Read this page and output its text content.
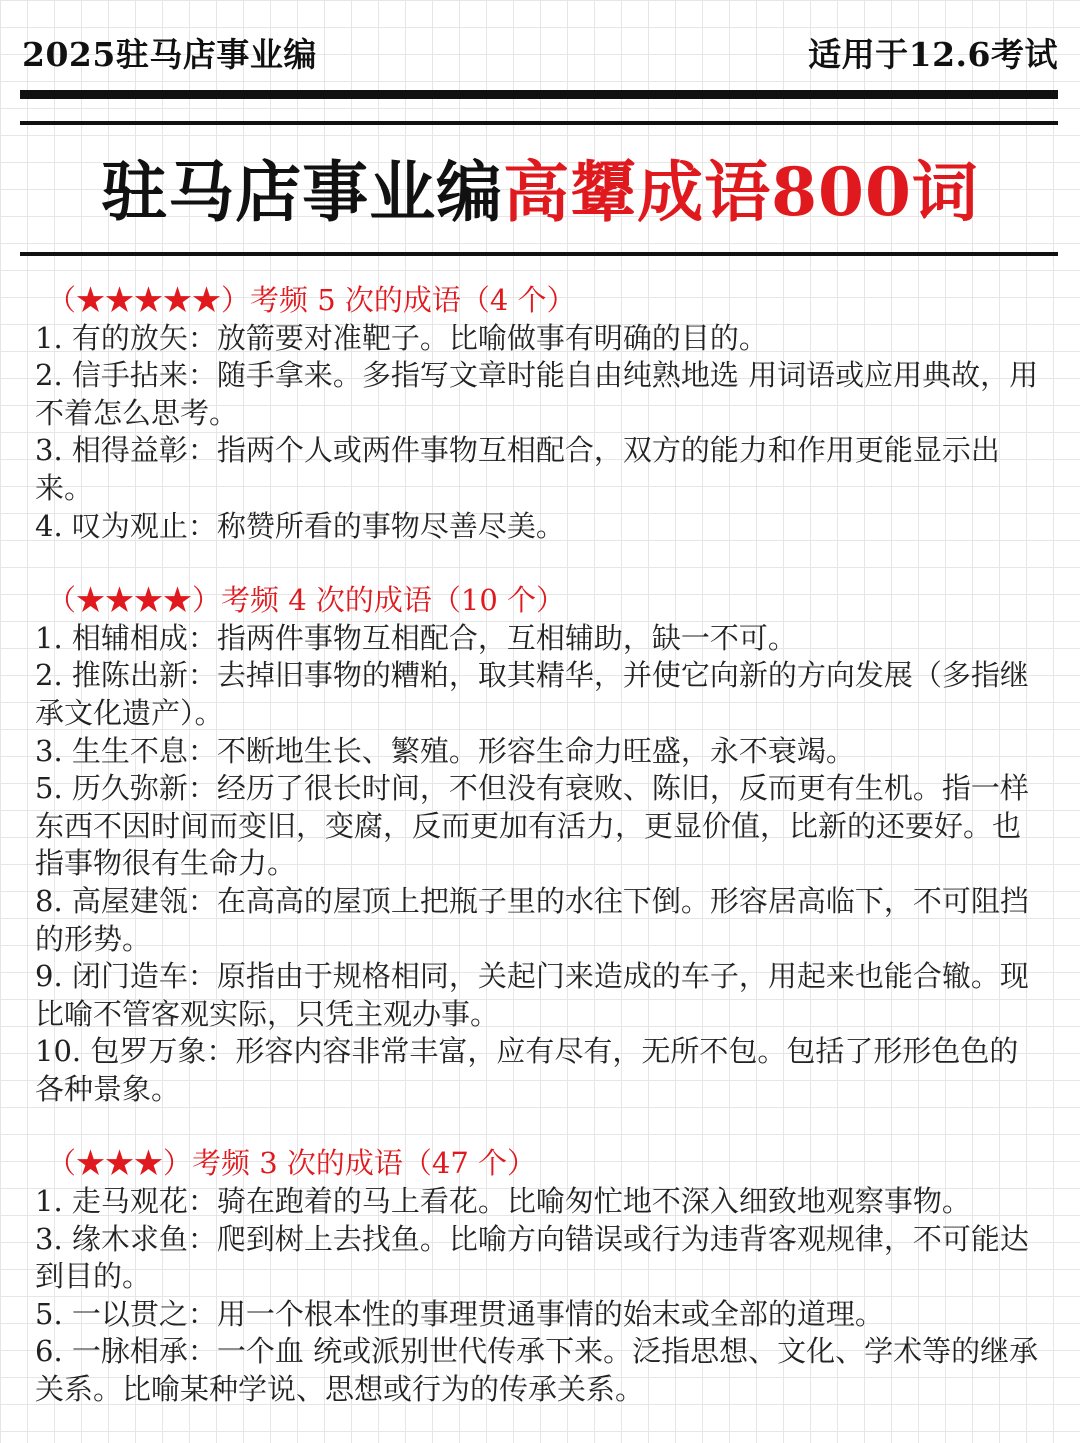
2025驻马店事业编	适用于12.6考试
驻马店事业编高顰成语800词
（★★★★★）考频 5 次的成语（4 个）

1. 有的放矢：放箭要对准靶子。比喻做事有明确的目的。

2. 信手拈来：随手拿来。多指写文章时能自由纯熟地选 用词语或应用典故，用不着怎么思考。

3. 相得益彰：指两个人或两件事物互相配合，双方的能力和作用更能显示出来。

4. 叹为观止：称赞所看的事物尽善尽美。

（★★★★）考频 4 次的成语（10 个）

1. 相辅相成：指两件事物互相配合，互相辅助，缺一不可。

2. 推陈出新：去掉旧事物的糟粕，取其精华，并使它向新的方向发展（多指继承文化遗产）。

3. 生生不息：不断地生长、繁殖。形容生命力旺盛，永不衰竭。

5. 历久弥新：经历了很长时间，不但没有衰败、陈旧，反而更有生机。指一样东西不因时间而变旧，变腐，反而更加有活力，更显价值，比新的还要好。也指事物很有生命力。

8. 高屋建瓴：在高高的屋顶上把瓶子里的水往下倒。形容居高临下，不可阻挡的形势。

9. 闭门造车：原指由于规格相同，关起门来造成的车子，用起来也能合辙。现比喻不管客观实际，只凭主观办事。

10. 包罗万象：形容内容非常丰富，应有尽有，无所不包。包括了形形色色的各种景象。

（★★★）考频 3 次的成语（47 个）

1. 走马观花：骑在跑着的马上看花。比喻匆忙地不深入细致地观察事物。

3. 缘木求鱼：爬到树上去找鱼。比喻方向错误或行为违背客观规律，不可能达到目的。

5. 一以贯之：用一个根本性的事理贯通事情的始末或全部的道理。

6. 一脉相承：一个血 统或派别世代传承下来。泛指思想、文化、学术等的继承关系。比喻某种学说、思想或行为的传承关系。
